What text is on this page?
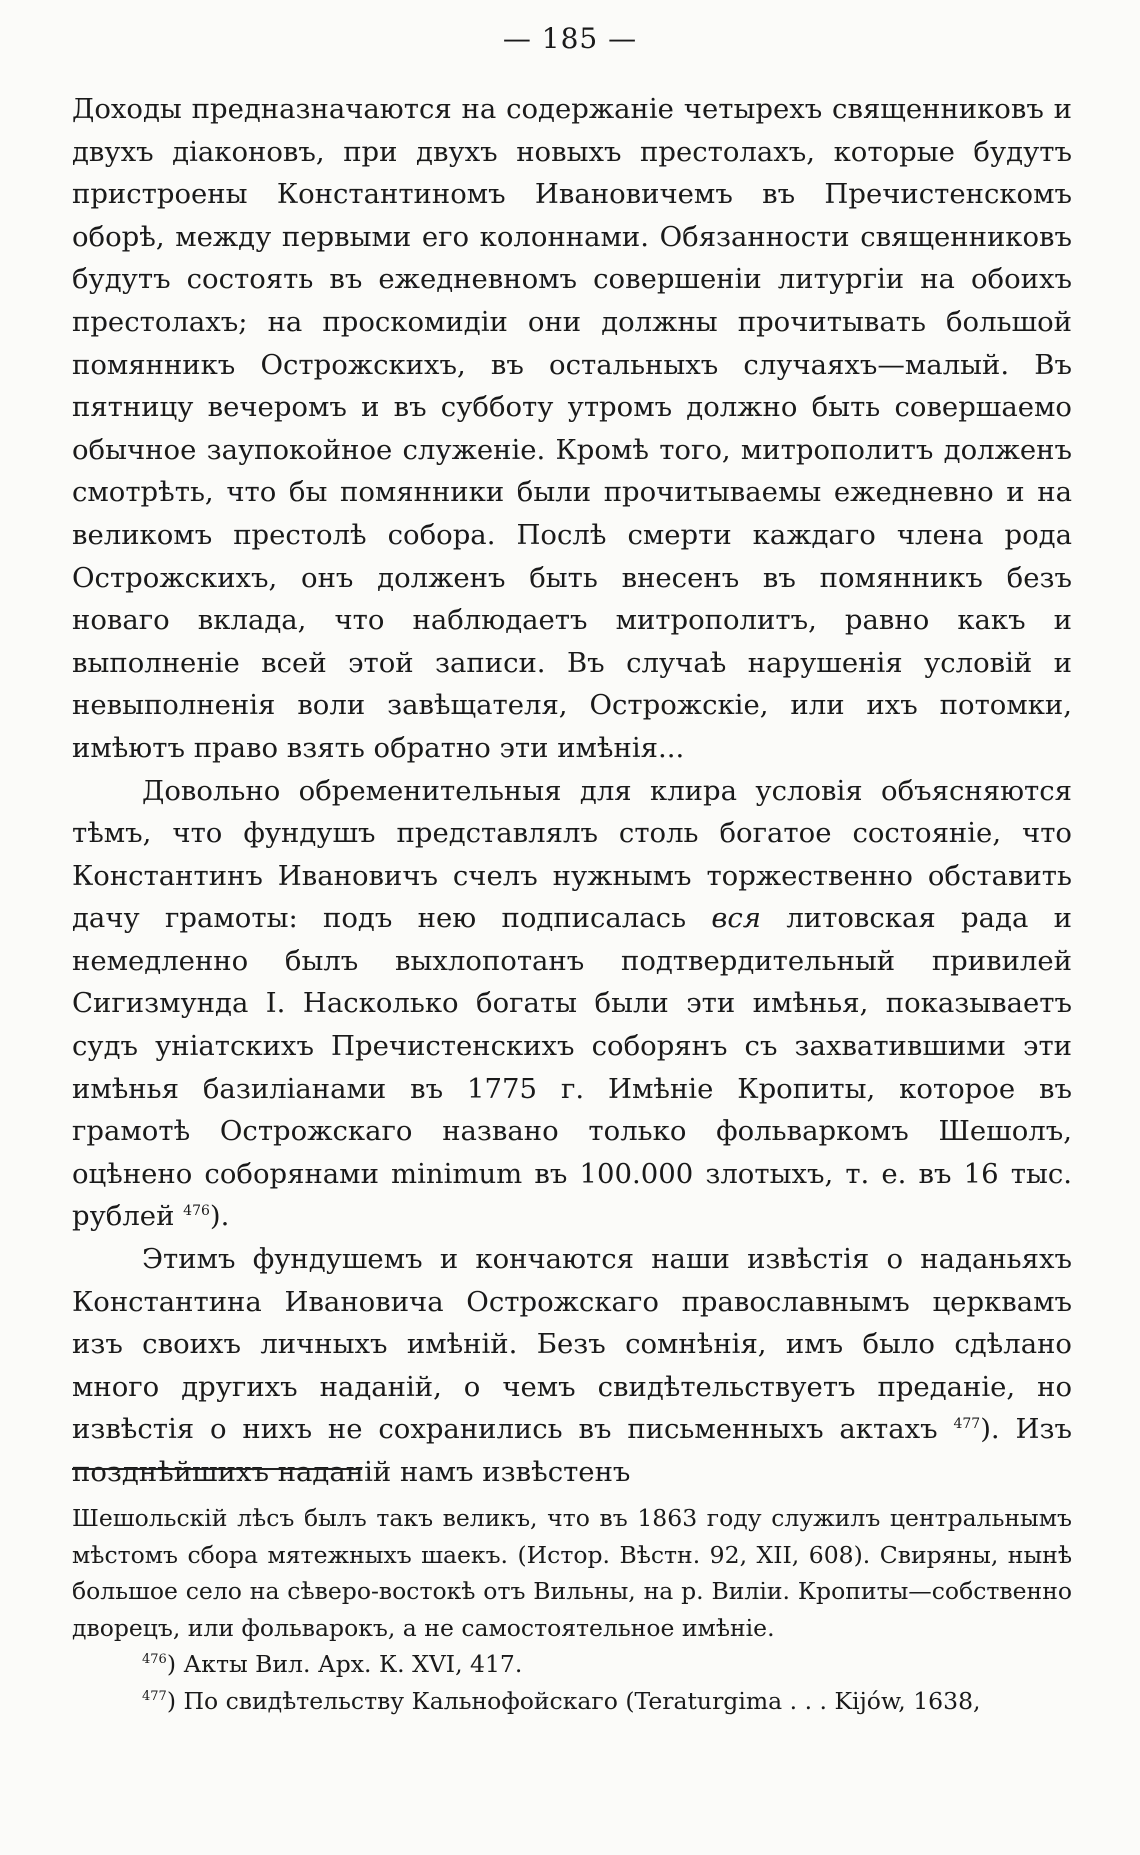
— 185 —

Доходы предназначаются на содержаніе четырехъ священниковъ и двухъ діаконовъ, при двухъ новыхъ престолахъ, которые будутъ пристроены Константиномъ Ивановичемъ въ Пречистенскомъ оборѣ, между первыми его колоннами. Обязанности священниковъ будутъ состоять въ ежедневномъ совершеніи литургіи на обоихъ престолахъ; на проскомидіи они должны прочитывать большой помянникъ Острожскихъ, въ остальныхъ случаяхъ—малый. Въ пятницу вечеромъ и въ субботу утромъ должно быть совершаемо обычное заупокойное служеніе. Кромѣ того, митрополитъ долженъ смотрѣть, что бы помянники были прочитываемы ежедневно и на великомъ престолѣ собора. Послѣ смерти каждаго члена рода Острожскихъ, онъ долженъ быть внесенъ въ помянникъ безъ новаго вклада, что наблюдаетъ митрополитъ, равно какъ и выполненіе всей этой записи. Въ случаѣ нарушенія условій и невыполненія воли завѣщателя, Острожскіе, или ихъ потомки, имѣютъ право взять обратно эти имѣнія...

Довольно обременительныя для клира условія объясняются тѣмъ, что фундушъ представлялъ столь богатое состояніе, что Константинъ Ивановичъ счелъ нужнымъ торжественно обставить дачу грамоты: подъ нею подписалась вся литовская рада и немедленно былъ выхлопотанъ подтвердительный привилей Сигизмунда I. Насколько богаты были эти имѣнья, показываетъ судъ уніатскихъ Пречистенскихъ соборянъ съ захватившими эти имѣнья базиліанами въ 1775 г. Имѣніе Кропиты, которое въ грамотѣ Острожскаго названо только фольваркомъ Шешолъ, оцѣнено соборянами minimum въ 100.000 злотыхъ, т. е. въ 16 тыс. рублей $^{476}$).

Этимъ фундушемъ и кончаются наши извѣстія о наданьяхъ Константина Ивановича Острожскаго православнымъ церквамъ изъ своихъ личныхъ имѣній. Безъ сомнѣнія, имъ было сдѣлано много другихъ наданій, о чемъ свидѣтельствуетъ преданіе, но извѣстія о нихъ не сохранились въ письменныхъ актахъ $^{477}$). Изъ позднѣйшихъ наданій намъ извѣстенъ

Шешольскій лѣсъ былъ такъ великъ, что въ 1863 году служилъ центральнымъ мѣстомъ сбора мятежныхъ шаекъ. (Истор. Вѣстн. 92, XII, 608). Свиряны, нынѣ большое село на сѣверо-востокѣ отъ Вильны, на р. Виліи. Кропиты—собственно дворецъ, или фольварокъ, а не самостоятельное имѣніе.

$^{476}$) Акты Вил. Арх. К. XVI, 417.

$^{477}$) По свидѣтельству Кальнофойскаго (Teraturgima . . . Kijów, 1638,
